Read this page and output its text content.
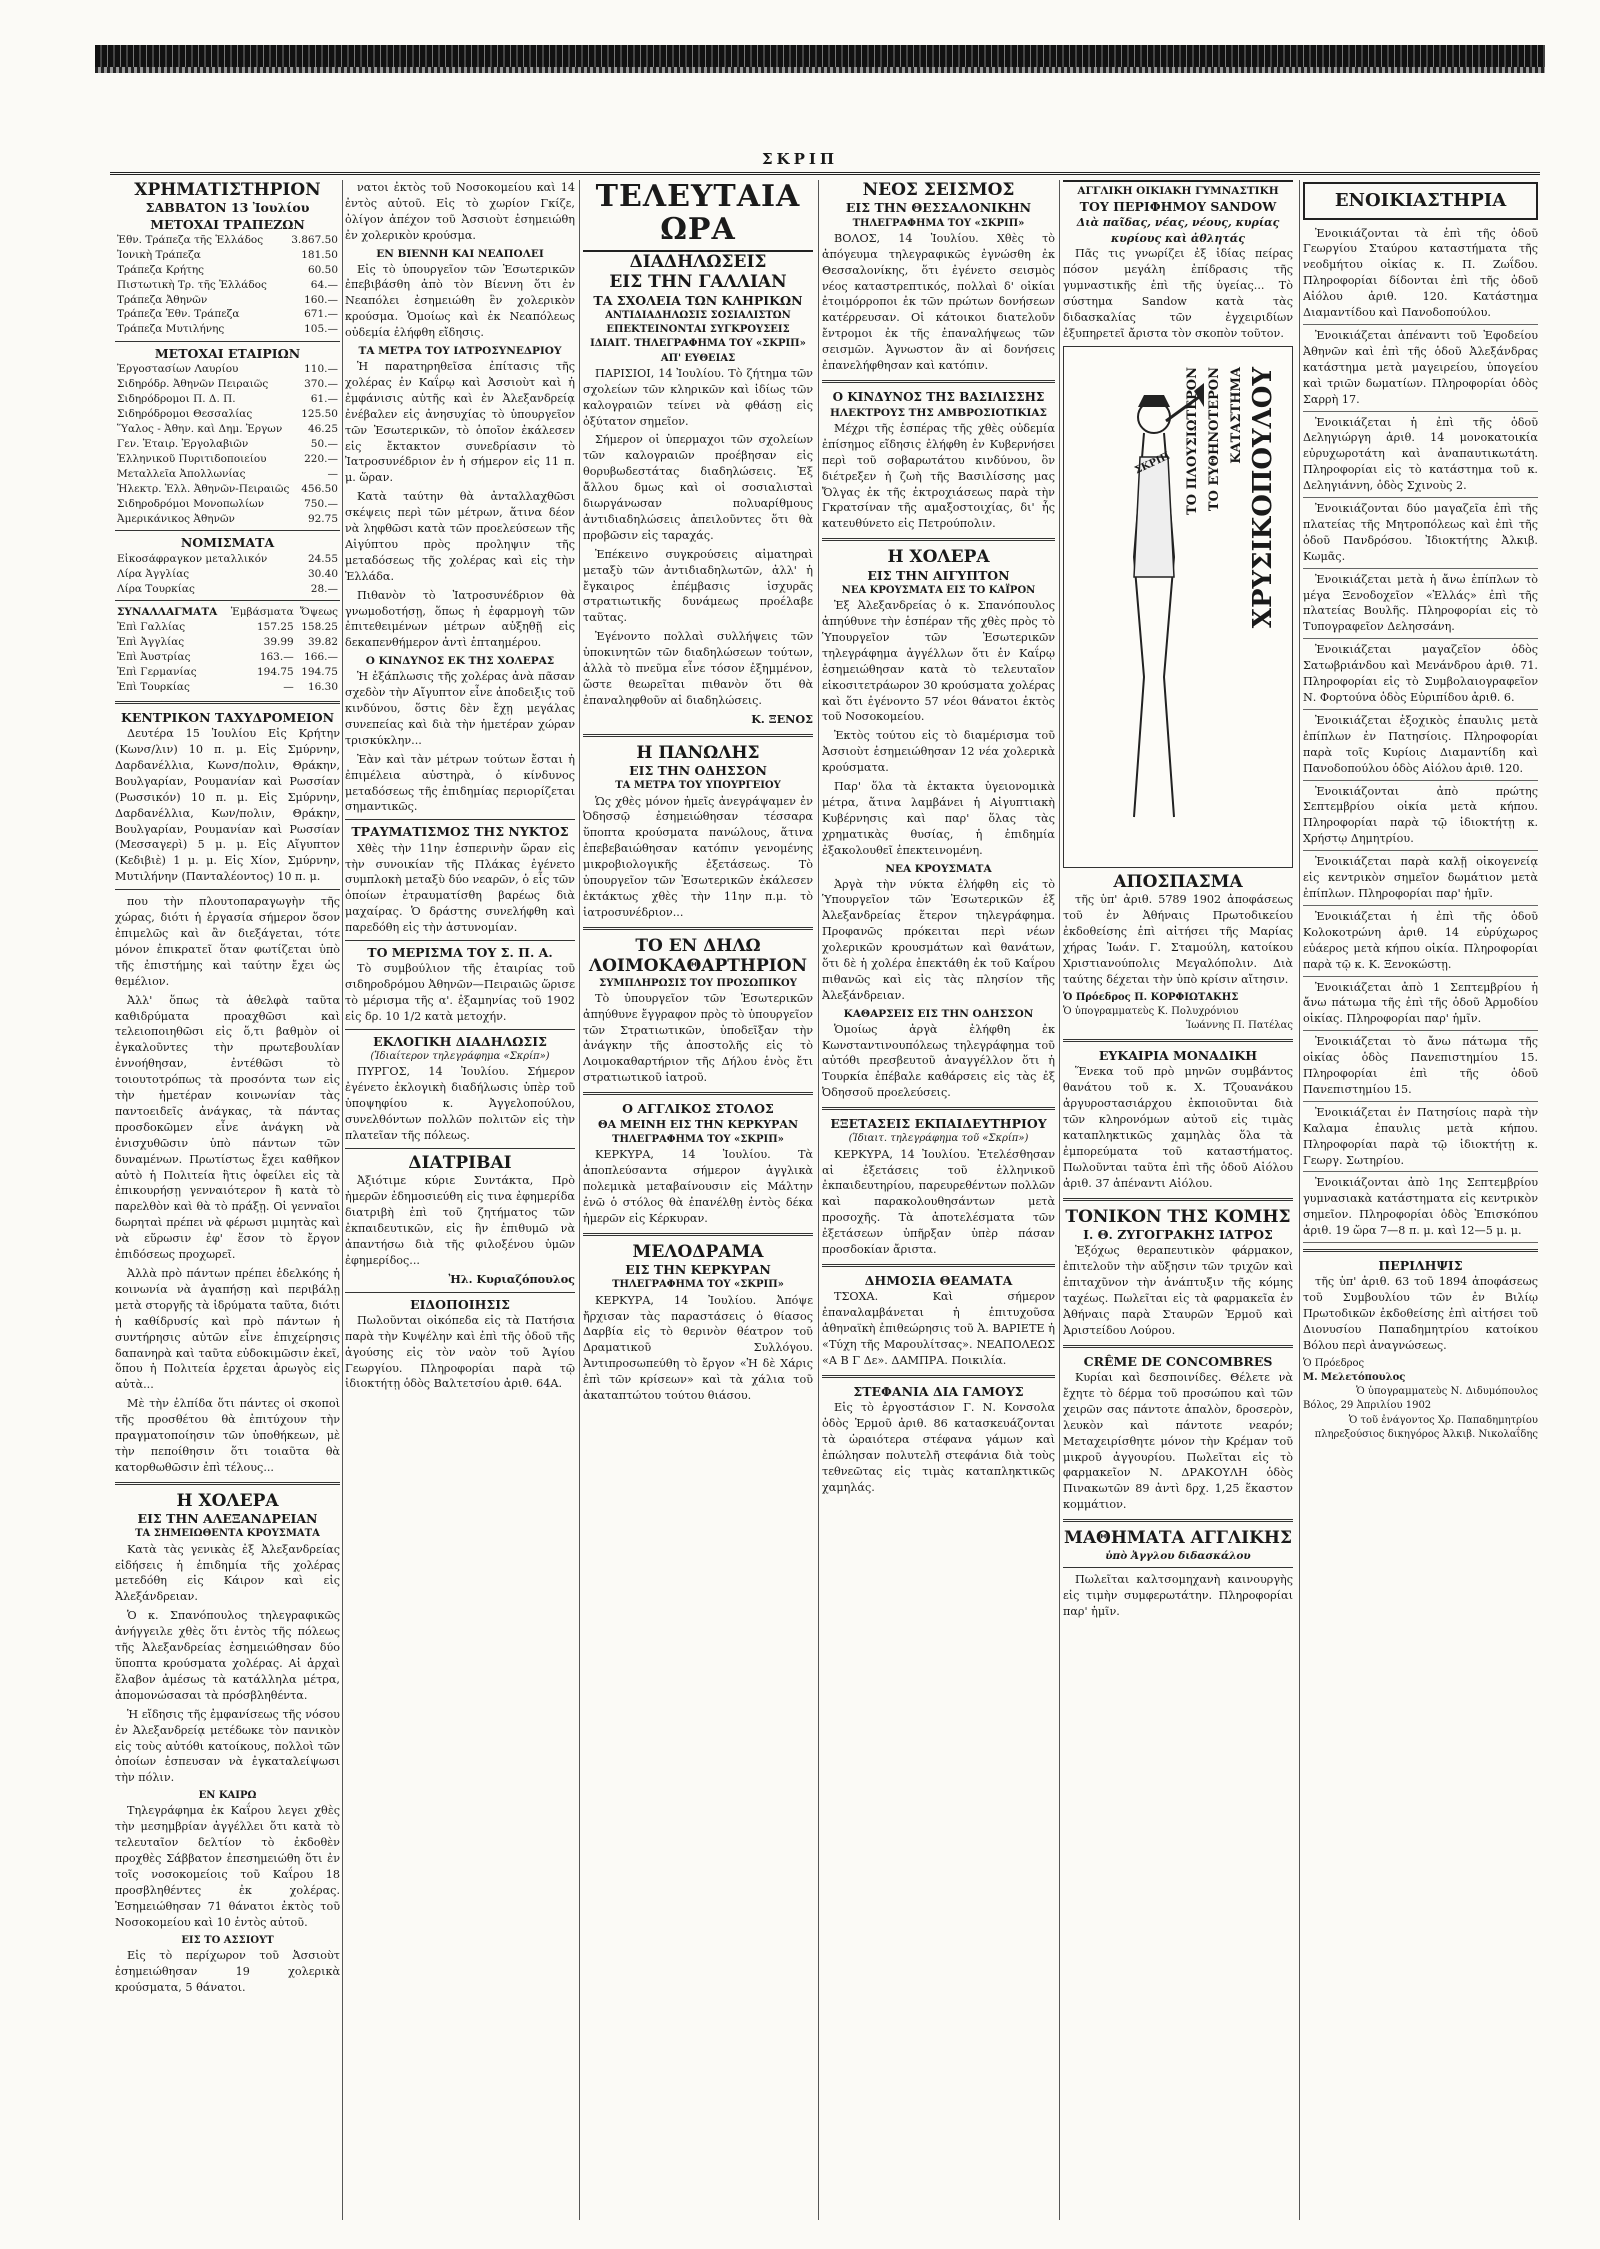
ΣΚΡΙΠ
ΧΡΗΜΑΤΙΣΤΗΡΙΟΝ
ΣΑΒΒΑΤΟΝ 13 Ἰουλίου
ΜΕΤΟΧΑΙ ΤΡΑΠΕΖΩΝ
Ἐθν. Τράπεζα τῆς Ἑλλάδος	3.867.50
Ἰονικὴ Τράπεζα	181.50
Τράπεζα Κρήτης	60.50
Πιστωτικὴ Τρ. τῆς Ἑλλάδος	64.—
Τράπεζα Ἀθηνῶν	160.—
Τράπεζα Ἐθν. Τράπεζα	671.—
Τράπεζα Μυτιλήνης	105.—
ΜΕΤΟΧΑΙ ΕΤΑΙΡΙΩΝ
Ἐργοστασίων Λαυρίου	110.—
Σιδηρόδρ. Ἀθηνῶν Πειραιῶς	370.—
Σιδηρόδρομοι Π. Δ. Π.	61.—
Σιδηρόδρομοι Θεσσαλίας	125.50
Ὕαλος - Ἀθην. καὶ Δημ. Ἐργων	46.25
Γεν. Ἐταιρ. Ἐργολαβιῶν	50.—
Ἑλληνικοῦ Πυριτιδοποιείου	220.—
Μεταλλεῖα Ἀπολλωνίας	—
Ἠλεκτρ. Ἐλλ. Ἀθηνῶν-Πειραιῶς	456.50
Σιδηροδρόμοι Μονοπωλίων	750.—
Ἀμερικάνικος Ἀθηνῶν	92.75
ΝΟΜΙΣΜΑΤΑ
Εἰκοσάφραγκον μεταλλικόν	24.55
Λίρα Ἀγγλίας	30.40
Λίρα Τουρκίας	28.—
ΣΥΝΑΛΛΑΓΜΑΤΑ	Ἐμβάσματα	Ὄψεως
Ἐπὶ Γαλλίας	157.25	158.25
Ἐπὶ Ἀγγλίας	39.99	39.82
Ἐπὶ Ἀυστρίας	163.—	166.—
Ἐπὶ Γερμανίας	194.75	194.75
Ἐπὶ Τουρκίας	—	16.30
ΚΕΝΤΡΙΚΟΝ ΤΑΧΥΔΡΟΜΕΙΟΝ

Δευτέρα 15 Ἰουλίου Εἰς Κρήτην (Κωνσ/λιν) 10 π. μ. Εἰς Σμύρνην, Δαρδανέλλια, Κωνσ/πολιν, Θράκην, Βουλγαρίαν, Ρουμανίαν καὶ Ρωσσίαν (Ρωσσικόν) 10 π. μ. Εἰς Σμύρνην, Δαρδανέλλια, Κων/πολιν, Θράκην, Βουλγαρίαν, Ρουμανίαν καὶ Ρωσσίαν (Μεσσαγερὶ) 5 μ. μ. Εἰς Αἴγυπτον (Κεδιβιὲ) 1 μ. μ. Εἰς Χίον, Σμύρνην, Μυτιλήνην (Πανταλέοντος) 10 π. μ.

που τὴν πλουτοπαραγωγὴν τῆς χώρας, διότι ἡ ἐργασία σήμερον ὅσον ἐπιμελῶς καὶ ἂν διεξάγεται, τότε μόνον ἐπικρατεῖ ὅταν φωτίζεται ὑπὸ τῆς ἐπιστήμης καὶ ταύτην ἔχει ὡς θεμέλιον.

Ἀλλ' ὅπως τὰ ἀθελφὰ ταῦτα καθιδρύματα προαχθῶσι καὶ τελειοποιηθῶσι εἰς ὅ,τι βαθμὸν οἱ ἐγκαλοῦντες τὴν πρωτεβουλίαν ἐννοήθησαν, ἐντέθῶσι τὸ τοιουτοτρόπως τὰ προσόντα των εἰς τὴν ἡμετέραν κοινωνίαν τὰς παντοειδεῖς ἀνάγκας, τὰ πάντας προσδοκῶμεν εἶνε ἀνάγκη νὰ ἐνισχυθῶσιν ὑπὸ πάντων τῶν δυναμένων. Πρωτίστως ἔχει καθῆκον αὐτὸ ἡ Πολιτεία ἣτις ὀφείλει εἰς τὰ ἐπικουρήσῃ γενναιότερον ἢ κατὰ τὸ παρελθὸν καὶ θὰ τὸ πράξῃ. Οἱ γενναῖοι δωρηταὶ πρέπει νὰ φέρωσι μιμητὰς καὶ νὰ εὕρωσιν ἐφ' ἕσον τὸ ἔργον ἐπιδόσεως προχωρεῖ.

Ἀλλὰ πρὸ πάντων πρέπει ἐδελκόης ἡ κοινωνία νὰ ἀγαπήσῃ καὶ περιβάλῃ μετὰ στοργῆς τὰ ἱδρύματα ταῦτα, διότι ἡ καθίδρυσίς καὶ πρὸ πάντων ἡ συντήρησις αὐτῶν εἶνε ἐπιχείρησις δαπανηρὰ καὶ ταῦτα εὐδοκιμῶσιν ἐκεῖ, ὅπου ἡ Πολιτεία ἐρχεται ἀρωγὸς εἰς αὐτὰ...

Μὲ τὴν ἐλπίδα ὅτι πάντες οἱ σκοποὶ τῆς προσθέτου θὰ ἐπιτύχουν τὴν πραγματοποίησιν τῶν ὑποθήκεων, μὲ τὴν πεποίθησιν ὅτι τοιαῦτα θὰ κατορθωθῶσιν ἐπὶ τέλους...

Η ΧΟΛΕΡΑ
ΕΙΣ ΤΗΝ ΑΛΕΞΑΝΔΡΕΙΑΝ
ΤΑ ΣΗΜΕΙΩΘΕΝΤΑ ΚΡΟΥΣΜΑΤΑ

Κατὰ τὰς γενικὰς ἐξ Ἀλεξανδρείας εἰδήσεις ἡ ἐπιδημία τῆς χολέρας μετεδόθη εἰς Κάιρον καὶ εἰς Ἀλεξάνδρειαν.

Ὁ κ. Σπανόπουλος τηλεγραφικῶς ἀνήγγειλε χθὲς ὅτι ἐντὸς τῆς πόλεως τῆς Ἀλεξανδρείας ἐσημειώθησαν δύο ὕποπτα κρούσματα χολέρας. Αἱ ἀρχαὶ ἔλαβον ἀμέσως τὰ κατάλληλα μέτρα, ἀπομονώσασαι τὰ πρόσβληθέντα.

Ἡ εἴδησις τῆς ἐμφανίσεως τῆς νόσου ἐν Ἀλεξανδρείᾳ μετέδωκε τὸν πανικὸν εἰς τοὺς αὐτόθι κατοίκους, πολλοὶ τῶν ὁποίων ἐσπευσαν νὰ ἐγκαταλείψωσι τὴν πόλιν.

ΕΝ ΚΑΙΡΩ

Τηλεγράφημα ἐκ Καΐρου λεγει χθὲς τὴν μεσημβρίαν ἀγγέλλει ὅτι κατὰ τὸ τελευταῖον δελτίον τὸ ἐκδοθὲν προχθὲς Σάββατον ἐπεσημειώθη ὅτι ἐν τοῖς νοσοκομείοις τοῦ Καΐρου 18 προσβληθέντες ἐκ χολέρας. Ἐσημειώθησαν 71 θάνατοι ἐκτὸς τοῦ Νοσοκομείου καὶ 10 ἐντὸς αὐτοῦ.

ΕΙΣ ΤΟ ΑΣΣΙΟΥΤ

Εἰς τὸ περίχωρον τοῦ Ἀσσιοὺτ ἐσημειώθησαν 19 χολερικὰ κρούσματα, 5 θάνατοι.

νατοι ἐκτὸς τοῦ Νοσοκομείου καὶ 14 ἐντὸς αὐτοῦ. Εἰς τὸ χωρίον Γκίζε, ὀλίγον ἀπέχον τοῦ Ἀσσιοὺτ ἐσημειώθη ἐν χολερικὸν κρούσμα.

ΕΝ ΒΙΕΝΝΗ ΚΑΙ ΝΕΑΠΟΛΕΙ

Εἰς τὸ ὑπουργεῖον τῶν Ἐσωτερικῶν ἐπεβιβάσθη ἀπὸ τὸν Βίεννη ὅτι ἐν Νεαπόλει ἐσημειώθη ἓν χολερικὸν κρούσμα. Ὁμοίως καὶ ἐκ Νεαπόλεως οὐδεμία ἐλήφθη εἴδησις.

ΤΑ ΜΕΤΡΑ ΤΟΥ ΙΑΤΡΟΣΥΝΕΔΡΙΟΥ

Ἡ παρατηρηθεῖσα ἐπίτασις τῆς χολέρας ἐν Καΐρῳ καὶ Ἀσσιοὺτ καὶ ἡ ἐμφάνισις αὐτῆς καὶ ἐν Ἀλεξανδρείᾳ ἐνέβαλεν εἰς ἀνησυχίας τὸ ὑπουργεῖον τῶν Ἐσωτερικῶν, τὸ ὁποῖον ἐκάλεσεν εἰς ἔκτακτον συνεδρίασιν τὸ Ἰατροσυνέδριον ἐν ἡ σήμερον εἰς 11 π. μ. ὥραν.

Κατὰ ταύτην θὰ ἀνταλλαχθῶσι σκέψεις περὶ τῶν μέτρων, ἅτινα δέον νὰ ληφθῶσι κατὰ τῶν προελεύσεων τῆς Αἰγύπτου πρὸς προληψιν τῆς μεταδόσεως τῆς χολέρας καὶ εἰς τὴν Ἑλλάδα.

Πιθανὸν τὸ Ἰατροσυνέδριον θὰ γνωμοδοτήσῃ, ὅπως ἡ ἐφαρμογὴ τῶν ἐπιτεθειμένων μέτρων αὐξηθῇ εἰς δεκαπενθήμερον ἀντὶ ἐπταημέρου.

Ο ΚΙΝΔΥΝΟΣ ΕΚ ΤΗΣ ΧΟΛΕΡΑΣ

Ἡ ἐξάπλωσις τῆς χολέρας ἀνὰ πᾶσαν σχεδὸν τὴν Αἴγυπτον εἶνε ἀποδειξις τοῦ κινδύνου, ὅστις δὲν ἔχῃ μεγάλας συνεπείας καὶ διὰ τὴν ἡμετέραν χώραν τρισκύκλην...

Ἐὰν καὶ τὰν μέτρων τούτων ἔσται ἡ ἐπιμέλεια αὐστηρὰ, ὁ κίνδυνος μεταδόσεως τῆς ἐπιδημίας περιορίζεται σημαντικῶς.

ΤΡΑΥΜΑΤΙΣΜΟΣ ΤΗΣ ΝΥΚΤΟΣ

Χθὲς τὴν 11ην ἑσπερινὴν ὥραν εἰς τὴν συνοικίαν τῆς Πλάκας ἐγένετο συμπλοκὴ μεταξὺ δύο νεαρῶν, ὁ εἷς τῶν ὁποίων ἐτραυματίσθη βαρέως διὰ μαχαίρας. Ὁ δράστης συνελήφθη καὶ παρεδόθη εἰς τὴν ἀστυνομίαν.

ΤΟ ΜΕΡΙΣΜΑ ΤΟΥ Σ. Π. Α.

Τὸ συμβούλιον τῆς ἐταιρίας τοῦ σιδηροδρόμου Ἀθηνῶν—Πειραιῶς ὥρισε τὸ μέρισμα τῆς α'. ἐξαμηνίας τοῦ 1902 εἰς δρ. 10 1/2 κατὰ μετοχήν.

ΕΚΛΟΓΙΚΗ ΔΙΑΔΗΛΩΣΙΣ
(Ἰδιαίτερον τηλεγράφημα «Σκρίπ»)

ΠΥΡΓΟΣ, 14 Ἰουλίου. Σήμερον ἐγένετο ἐκλογικὴ διαδήλωσις ὑπὲρ τοῦ ὑποψηφίου κ. Ἀγγελοπούλου, συνελθόντων πολλῶν πολιτῶν εἰς τὴν πλατεῖαν τῆς πόλεως.

ΔΙΑΤΡΙΒΑΙ

Ἀξιότιμε κύριε Συντάκτα, Πρὸ ἡμερῶν ἐδημοσιεύθη εἰς τινα ἐφημερίδα διατριβὴ ἐπὶ τοῦ ζητήματος τῶν ἐκπαιδευτικῶν, εἰς ἣν ἐπιθυμῶ νὰ ἀπαντήσω διὰ τῆς φιλοξένου ὑμῶν ἐφημερίδος...

Ἠλ. Κυριαζόπουλος
ΕΙΔΟΠΟΙΗΣΙΣ

Πωλοῦνται οἰκόπεδα εἰς τὰ Πατήσια παρὰ τὴν Κυψέλην καὶ ἐπὶ τῆς ὁδοῦ τῆς ἀγούσης εἰς τὸν ναὸν τοῦ Ἁγίου Γεωργίου. Πληροφορίαι παρὰ τῷ ἰδιοκτήτῃ ὁδὸς Βαλτετσίου ἀριθ. 64Α.

ΤΕΛΕΥΤΑΙΑ ΩΡΑ
ΔΙΑΔΗΛΩΣΕΙΣ
ΕΙΣ ΤΗΝ ΓΑΛΛΙΑΝ
ΤΑ ΣΧΟΛΕΙΑ ΤΩΝ ΚΛΗΡΙΚΩΝ
ΑΝΤΙΔΙΑΔΗΛΩΣΙΣ ΣΟΣΙΑΛΙΣΤΩΝ
ΕΠΕΚΤΕΙΝΟΝΤΑΙ ΣΥΓΚΡΟΥΣΕΙΣ
ΙΔΙΑΙΤ. ΤΗΛΕΓΡΑΦΗΜΑ ΤΟΥ «ΣΚΡΙΠ» ΑΠ' ΕΥΘΕΙΑΣ

ΠΑΡΙΣΙΟΙ, 14 Ἰουλίου. Τὸ ζήτημα τῶν σχολείων τῶν κληρικῶν καὶ ἰδίως τῶν καλογραιῶν τείνει νὰ φθάσῃ εἰς ὀξύτατον σημεῖον.

Σήμερον οἱ ὑπερμαχοι τῶν σχολείων τῶν καλογραιῶν προέβησαν εἰς θορυβωδεστάτας διαδηλώσεις. Ἐξ ἄλλου δμως καὶ οἱ σοσιαλισταὶ διωργάνωσαν πολυαρίθμους ἀντιδιαδηλώσεις ἀπειλοῦντες ὅτι θὰ προβῶσιν εἰς ταραχάς.

Ἐπέκεινο συγκρούσεις αἱματηραὶ μεταξὺ τῶν ἀντιδιαδηλωτῶν, ἀλλ' ἡ ἔγκαιρος ἐπέμβασις ἰσχυρᾶς στρατιωτικῆς δυνάμεως προέλαβε ταῦτας.

Ἐγένοντο πολλαὶ συλλήψεις τῶν ὑποκινητῶν τῶν διαδηλώσεων τούτων, ἀλλὰ τὸ πνεῦμα εἶνε τόσον ἐξημμένον, ὥστε θεωρεῖται πιθανὸν ὅτι θὰ ἐπαναληφθοῦν αἱ διαδηλώσεις.

Κ. ΞΕΝΟΣ
Η ΠΑΝΩΛΗΣ
ΕΙΣ ΤΗΝ ΟΔΗΣΣΟΝ
ΤΑ ΜΕΤΡΑ ΤΟΥ ΥΠΟΥΡΓΕΙΟΥ

Ὡς χθὲς μόνον ἠμεῖς ἀνεγράψαμεν ἐν Ὀδησσῷ ἐσημειώθησαν τέσσαρα ὕποπτα κρούσματα πανώλους, ἅτινα ἐπεβεβαιώθησαν κατόπιν γενομένης μικροβιολογικῆς ἐξετάσεως. Τὸ ὑπουργεῖον τῶν Ἐσωτερικῶν ἐκάλεσεν ἐκτάκτως χθὲς τὴν 11ην π.μ. τὸ ἰατροσυνέδριον...

ΤΟ ΕΝ ΔΗΛΩ
ΛΟΙΜΟΚΑΘΑΡΤΗΡΙΟΝ
ΣΥΜΠΛΗΡΩΣΙΣ ΤΟΥ ΠΡΟΣΩΠΙΚΟΥ

Τὸ ὑπουργεῖον τῶν Ἐσωτερικῶν ἀπηύθυνε ἔγγραφον πρὸς τὸ ὑπουργεῖον τῶν Στρατιωτικῶν, ὑποδεῖξαν τὴν ἀνάγκην τῆς ἀποστολῆς εἰς τὸ Λοιμοκαθαρτήριον τῆς Δήλου ἑνὸς ἔτι στρατιωτικοῦ ἰατροῦ.

Ο ΑΓΓΛΙΚΟΣ ΣΤΟΛΟΣ
ΘΑ ΜΕΙΝΗ ΕΙΣ ΤΗΝ ΚΕΡΚΥΡΑΝ
ΤΗΛΕΓΡΑΦΗΜΑ ΤΟΥ «ΣΚΡΙΠ»

ΚΕΡΚΥΡΑ, 14 Ἰουλίου. Τὰ ἀποπλεύσαντα σήμερον ἀγγλικὰ πολεμικὰ μεταβαίνουσιν εἰς Μάλτην ἐνῶ ὁ στόλος θὰ ἐπανέλθῃ ἐντὸς δέκα ἡμερῶν εἰς Κέρκυραν.

ΜΕΛΟΔΡΑΜΑ
ΕΙΣ ΤΗΝ ΚΕΡΚΥΡΑΝ
ΤΗΛΕΓΡΑΦΗΜΑ ΤΟΥ «ΣΚΡΙΠ»

ΚΕΡΚΥΡΑ, 14 Ἰουλίου. Ἀπόψε ἤρχισαν τὰς παραστάσεις ὁ θίασος Δαρβία εἰς τὸ θερινὸν θέατρον τοῦ Δραματικοῦ Συλλόγου. Ἀντιπροσωπεύθη τὸ ἔργον «Ἡ δὲ Χάρις ἐπὶ τῶν κρίσεων» καὶ τὰ χάλια τοῦ ἀκαταπτώτου τούτου θιάσου.

ΝΕΟΣ ΣΕΙΣΜΟΣ
ΕΙΣ ΤΗΝ ΘΕΣΣΑΛΟΝΙΚΗΝ
ΤΗΛΕΓΡΑΦΗΜΑ ΤΟΥ «ΣΚΡΙΠ»

ΒΟΛΟΣ, 14 Ἰουλίου. Χθὲς τὸ ἀπόγευμα τηλεγραφικῶς ἐγνώσθη ἐκ Θεσσαλονίκης, ὅτι ἐγένετο σεισμὸς νέος καταστρεπτικός, πολλαὶ δ' οἰκίαι ἐτοιμόρροποι ἐκ τῶν πρώτων δονήσεων κατέρρευσαν. Οἱ κάτοικοι διατελοῦν ἔντρομοι ἐκ τῆς ἐπαναλήψεως τῶν σεισμῶν. Ἀγνωστον ἂν αἱ δονήσεις ἐπανελήφθησαν καὶ κατόπιν.

Ο ΚΙΝΔΥΝΟΣ ΤΗΣ ΒΑΣΙΛΙΣΣΗΣ
ΗΛΕΚΤΡΟΥΣ ΤΗΣ ΑΜΒΡΟΣΙΟΤΙΚΙΑΣ

Μέχρι τῆς ἑσπέρας τῆς χθὲς οὐδεμία ἐπίσημος εἴδησις ἐλήφθη ἐν Κυβερνήσει περὶ τοῦ σοβαρωτάτου κινδύνου, ὃν διέτρεξεν ἡ ζωὴ τῆς Βασιλίσσης μας Ὄλγας ἐκ τῆς ἐκτροχιάσεως παρὰ τὴν Γκρατσίναν τῆς αμαξοστοιχίας, δι' ἧς κατευθύνετο εἰς Πετρούπολιν.

Η ΧΟΛΕΡΑ
ΕΙΣ ΤΗΝ ΑΙΓΥΠΤΟΝ
ΝΕΑ ΚΡΟΥΣΜΑΤΑ ΕΙΣ ΤΟ ΚΑΪΡΟΝ

Ἐξ Ἀλεξανδρείας ὁ κ. Σπανόπουλος ἀπηύθυνε τὴν ἑσπέραν τῆς χθὲς πρὸς τὸ Ὑπουργεῖον τῶν Ἐσωτερικῶν τηλεγράφημα ἀγγέλλων ὅτι ἐν Καΐρῳ ἐσημειώθησαν κατὰ τὸ τελευταῖον εἰκοσιτετράωρον 30 κρούσματα χολέρας καὶ ὅτι ἐγένοντο 57 νέοι θάνατοι ἐκτὸς τοῦ Νοσοκομείου.

Ἐκτὸς τούτου εἰς τὸ διαμέρισμα τοῦ Ἀσσιοὺτ ἐσημειώθησαν 12 νέα χολερικὰ κρούσματα.

Παρ' ὅλα τὰ ἐκτακτα ὑγειονομικὰ μέτρα, ἅτινα λαμβάνει ἡ Αἰγυπτιακὴ Κυβέρνησις καὶ παρ' ὅλας τὰς χρηματικὰς θυσίας, ἡ ἐπιδημία ἐξακολουθεῖ ἐπεκτεινομένη.

ΝΕΑ ΚΡΟΥΣΜΑΤΑ

Ἀργὰ τὴν νύκτα ἐλήφθη εἰς τὸ Ὑπουργεῖον τῶν Ἐσωτερικῶν ἐξ Ἀλεξανδρείας ἕτερον τηλεγράφημα. Προφανῶς πρόκειται περὶ νέων χολερικῶν κρουσμάτων καὶ θανάτων, ὅτι δὲ ἡ χολέρα ἐπεκτάθη ἐκ τοῦ Καΐρου πιθανῶς καὶ εἰς τὰς πλησίον τῆς Ἀλεξάνδρειαν.

ΚΑΘΑΡΣΕΙΣ ΕΙΣ ΤΗΝ ΟΔΗΣΣΟΝ

Ὁμοίως ἀργὰ ἐλήφθη ἐκ Κωνσταντινουπόλεως τηλεγράφημα τοῦ αὐτόθι πρεσβευτοῦ ἀναγγέλλον ὅτι ἡ Τουρκία ἐπέβαλε καθάρσεις εἰς τὰς ἐξ Ὀδησσοῦ προελεύσεις.

ΕΞΕΤΑΣΕΙΣ ΕΚΠΑΙΔΕΥΤΗΡΙΟΥ
(Ἰδιαιτ. τηλεγράφημα τοῦ «Σκρίπ»)

ΚΕΡΚΥΡΑ, 14 Ἰουλίου. Ἐτελέσθησαν αἱ ἐξετάσεις τοῦ ἑλληνικοῦ ἐκπαιδευτηρίου, παρευρεθέντων πολλῶν καὶ παρακολουθησάντων μετὰ προσοχῆς. Τὰ ἀποτελέσματα τῶν ἐξετάσεων ὑπῆρξαν ὑπὲρ πάσαν προσδοκίαν ἄριστα.

ΔΗΜΟΣΙΑ ΘΕΑΜΑΤΑ

ΤΣΟΧΑ. Καὶ σήμερον ἐπαναλαμβάνεται ἡ ἐπιτυχοῦσα ἀθηναϊκὴ ἐπιθεώρησις τοῦ Ἀ. ΒΑΡΙΕΤΕ ἡ «Τύχη τῆς Μαρουλίτσας». ΝΕΑΠΟΛΕΩΣ «Α Β Γ Δε». ΔΑΜΠΡΑ. Ποικιλία.

ΣΤΕΦΑΝΙΑ ΔΙΑ ΓΑΜΟΥΣ

Εἰς τὸ ἐργοστάσιον Γ. Ν. Κονσολα ὁδὸς Ἑρμοῦ ἀριθ. 86 κατασκευάζονται τὰ ὡραιότερα στέφανα γάμων καὶ ἐπώλησαν πολυτελῆ στεφάνια διὰ τοὺς τεθνεῶτας εἰς τιμὰς καταπληκτικῶς χαμηλάς.

ΑΓΓΛΙΚΗ ΟΙΚΙΑΚΗ ΓΥΜΝΑΣΤΙΚΗ
ΤΟΥ ΠΕΡΙΦΗΜΟΥ SANDOW
Διὰ παῖδας, νέας, νέους, κυρίας κυρίους καὶ ἀθλητάς

Πᾶς τις γνωρίζει ἐξ ἰδίας πείρας πόσον μεγάλη ἐπίδρασις τῆς γυμναστικῆς ἐπὶ τῆς ὑγείας... Τὸ σύστημα Sandow κατὰ τὰς διδασκαλίας τῶν ἐγχειριδίων ἐξυπηρετεῖ ἄριστα τὸν σκοπὸν τοῦτον.

ΣΚΡΙΠ ΤΟ ΠΛΟΥΣΙΩΤΕΡΟΝ ΤΟ ΕΥΘΗΝΟΤΕΡΟΝ ΚΑΤΑΣΤΗΜΑ ΧΡΥΣΙΚΟΠΟΥΛΟΥ
ΑΠΟΣΠΑΣΜΑ

τῆς ὑπ' ἀριθ. 5789 1902 ἀποφάσεως τοῦ ἐν Ἀθήναις Πρωτοδικείου ἐκδοθείσης ἐπὶ αἰτήσει τῆς Μαρίας χήρας Ἰωάν. Γ. Σταμούλη, κατοίκου Χριστιανούπολις Μεγαλόπολιν. Διὰ ταύτης δέχεται τὴν ὑπὸ κρίσιν αἴτησιν.

Ὁ Πρόεδρος Π. ΚΟΡΦΙΩΤΑΚΗΣ
Ὁ ὑπογραμματεὺς Κ. Πολυχρόνιου
Ἰωάννης Π. Πατέλας
ΕΥΚΑΙΡΙΑ ΜΟΝΑΔΙΚΗ

Ἕνεκα τοῦ πρὸ μηνῶν συμβάντος θανάτου τοῦ κ. Χ. Τζουανάκου ἀργυροστασιάρχου ἐκποιοῦνται διὰ τῶν κληρονόμων αὐτοῦ εἰς τιμὰς καταπληκτικῶς χαμηλὰς ὅλα τὰ ἐμπορεύματα τοῦ καταστήματος. Πωλοῦνται ταῦτα ἐπὶ τῆς ὁδοῦ Αἰόλου ἀριθ. 37 ἀπέναντι Αἰόλου.

ΤΟΝΙΚΟΝ ΤΗΣ ΚΟΜΗΣ
Ι. Θ. ΖΥΓΟΓΡΑΚΗΣ ΙΑΤΡΟΣ

Ἐξόχως θεραπευτικὸν φάρμακον, ἐπιτελοῦν τὴν αὔξησιν τῶν τριχῶν καὶ ἐπιταχῦνον τὴν ἀνάπτυξιν τῆς κόμης ταχέως. Πωλεῖται εἰς τὰ φαρμακεῖα ἐν Ἀθήναις παρὰ Σταυρῶν Ἑρμοῦ καὶ Ἀριστείδου Λούρου.

CRÊME DE CONCOMBRES

Κυρίαι καὶ δεσποινίδες. Θέλετε νὰ ἔχητε τὸ δέρμα τοῦ προσώπου καὶ τῶν χειρῶν σας πάντοτε ἁπαλὸν, δροσερὸν, λευκὸν καὶ πάντοτε νεαρόν; Μεταχειρίσθητε μόνον τὴν Κρέμαν τοῦ μικροῦ ἀγγουρίου. Πωλεῖται εἰς τὸ φαρμακεῖον Ν. ΔΡΑΚΟΥΛΗ ὁδὸς Πινακωτῶν 89 ἀντὶ δρχ. 1,25 ἕκαστον κομμάτιον.

ΜΑΘΗΜΑΤΑ ΑΓΓΛΙΚΗΣ
ὑπὸ Ἀγγλου διδασκάλου

Πωλεῖται καλτσομηχανὴ καινουργὴς εἰς τιμὴν συμφερωτάτην. Πληροφορίαι παρ' ἡμῖν.

ΕΝΟΙΚΙΑΣΤΗΡΙΑ

Ἐνοικιάζονται τὰ ἐπὶ τῆς ὁδοῦ Γεωργίου Σταύρου καταστήματα τῆς νεοδμήτου οἰκίας κ. Π. Ζωΐδου. Πληροφορίαι δίδονται ἐπὶ τῆς ὁδοῦ Αἰόλου ἀριθ. 120. Κατάστημα Διαμαντίδου καὶ Πανοδοπούλου.

Ἐνοικιάζεται ἀπέναντι τοῦ Ἐφοδείου Ἀθηνῶν καὶ ἐπὶ τῆς ὁδοῦ Ἀλεξάνδρας κατάστημα μετὰ μαγειρείου, ὑπογείου καὶ τριῶν δωματίων. Πληροφορίαι ὁδὸς Σαρρὴ 17.

Ἐνοικιάζεται ἡ ἐπὶ τῆς ὁδοῦ Δεληγιώργη ἀριθ. 14 μονοκατοικία εὐρυχωροτάτη καὶ ἀναπαυτικωτάτη. Πληροφορίαι εἰς τὸ κατάστημα τοῦ κ. Δεληγιάννη, ὁδὸς Σχινοὺς 2.

Ἐνοικιάζονται δύο μαγαζεῖα ἐπὶ τῆς πλατείας τῆς Μητροπόλεως καὶ ἐπὶ τῆς ὁδοῦ Πανδρόσου. Ἰδιοκτήτης Ἀλκιβ. Κωμᾶς.

Ἐνοικιάζεται μετὰ ἡ ἄνω ἐπίπλων τὸ μέγα Ξενοδοχεῖον «Ἑλλάς» ἐπὶ τῆς πλατείας Βουλῆς. Πληροφορίαι εἰς τὸ Τυπογραφεῖον Δελησσάνη.

Ἐνοικιάζεται μαγαζεῖον ὁδὸς Σατωβριάνδου καὶ Μενάνδρου ἀριθ. 71. Πληροφορίαι εἰς τὸ Συμβολαιογραφεῖον Ν. Φορτούνα ὁδὸς Εὐριπίδου ἀριθ. 6.

Ἐνοικιάζεται ἐξοχικὸς ἐπαυλις μετὰ ἐπίπλων ἐν Πατησίοις. Πληροφορίαι παρὰ τοῖς Κυρίοις Διαμαντίδη καὶ Πανοδοπούλου ὁδὸς Αἰόλου ἀριθ. 120.

Ἐνοικιάζονται ἀπὸ πρώτης Σεπτεμβρίου οἰκία μετὰ κήπου. Πληροφορίαι παρὰ τῷ ἰδιοκτήτῃ κ. Χρήστῳ Δημητρίου.

Ἐνοικιάζεται παρὰ καλῇ οἰκογενείᾳ εἰς κεντρικὸν σημεῖον δωμάτιον μετὰ ἐπίπλων. Πληροφορίαι παρ' ἡμῖν.

Ἐνοικιάζεται ἡ ἐπὶ τῆς ὁδοῦ Κολοκοτρώνη ἀριθ. 14 εὐρύχωρος εὐάερος μετὰ κήπου οἰκία. Πληροφορίαι παρὰ τῷ κ. Κ. Ξενοκώστῃ.

Ἐνοικιάζεται ἀπὸ 1 Σεπτεμβρίου ἡ ἄνω πάτωμα τῆς ἐπὶ τῆς ὁδοῦ Ἀρμοδίου οἰκίας. Πληροφορίαι παρ' ἡμῖν.

Ἐνοικιάζεται τὸ ἄνω πάτωμα τῆς οἰκίας ὁδὸς Πανεπιστημίου 15. Πληροφορίαι ἐπὶ τῆς ὁδοῦ Πανεπιστημίου 15.

Ἐνοικιάζεται ἐν Πατησίοις παρὰ τὴν Καλαμα ἐπαυλις μετὰ κήπου. Πληροφορίαι παρὰ τῷ ἰδιοκτήτῃ κ. Γεωργ. Σωτηρίου.

Ἐνοικιάζονται ἀπὸ 1ης Σεπτεμβρίου γυμνασιακὰ κατάστηματα εἰς κεντρικὸν σημεῖον. Πληροφορίαι ὁδὸς Ἐπισκόπου ἀριθ. 19 ὥρα 7—8 π. μ. καὶ 12—5 μ. μ.

ΠΕΡΙΛΗΨΙΣ

τῆς ὑπ' ἀριθ. 63 τοῦ 1894 ἀποφάσεως τοῦ Συμβουλίου τῶν ἐν Βιλίῳ Πρωτοδικῶν ἐκδοθείσης ἐπὶ αἰτήσει τοῦ Διονυσίου Παπαδημητρίου κατοίκου Βόλου περὶ ἀναγνώσεως.

Ὁ Πρόεδρος
Μ. Μελετόπουλος
Ὁ ὑπογραμματεὺς Ν. Διδυμόπουλος
Βόλος, 29 Ἀπριλίου 1902
Ὁ τοῦ ἐνάγοντος Χρ. Παπαδημητρίου πληρεξούσιος δικηγόρος Ἀλκιβ. Νικολαΐδης
